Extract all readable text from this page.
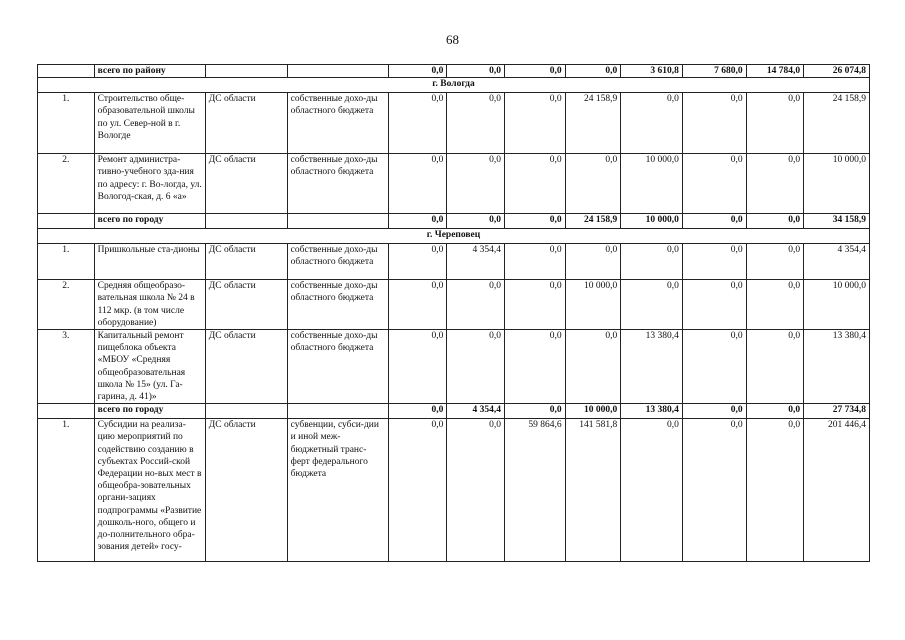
68
	всего по району			0,0	0,0	0,0	0,0	3 610,8	7 680,0	14 784,0	26 074,8
г. Вологда											
1.	Строительство обще-образовательной школы по ул. Север-ной в г. Вологде	ДС области	собственные дохо-ды областного бюджета	0,0	0,0	0,0	24 158,9	0,0	0,0	0,0	24 158,9
2.	Ремонт администра-тивно-учебного зда-ния по адресу: г. Во-логда, ул. Вологод-ская, д. 6 «а»	ДС области	собственные дохо-ды областного бюджета	0,0	0,0	0,0	0,0	10 000,0	0,0	0,0	10 000,0
	всего по городу			0,0	0,0	0,0	24 158,9	10 000,0	0,0	0,0	34 158,9
г. Череповец											
1.	Пришкольные ста-дионы	ДС области	собственные дохо-ды областного бюджета	0,0	4 354,4	0,0	0,0	0,0	0,0	0,0	4 354,4
2.	Средняя общеобразо-вательная школа № 24 в 112 мкр. (в том числе оборудование)	ДС области	собственные дохо-ды областного бюджета	0,0	0,0	0,0	10 000,0	0,0	0,0	0,0	10 000,0
3.	Капитальный ремонт пищеблока объекта «МБОУ «Средняя общеобразовательная школа № 15» (ул. Га-гарина, д. 41)»	ДС области	собственные дохо-ды областного бюджета	0,0	0,0	0,0	0,0	13 380,4	0,0	0,0	13 380,4
	всего по городу			0,0	4 354,4	0,0	10 000,0	13 380,4	0,0	0,0	27 734,8
1.	Субсидии на реализа-цию мероприятий по содействию созданию в субъектах Россий-ской Федерации но-вых мест в общеобра-зовательных органи-зациях подпрограммы «Развитие дошколь-ного, общего и до-полнительного обра-зования детей» госу-	ДС области	субвенции, субси-дии и иной меж-бюджетный транс-ферт федерального бюджета	0,0	0,0	59 864,6	141 581,8	0,0	0,0	0,0	201 446,4
